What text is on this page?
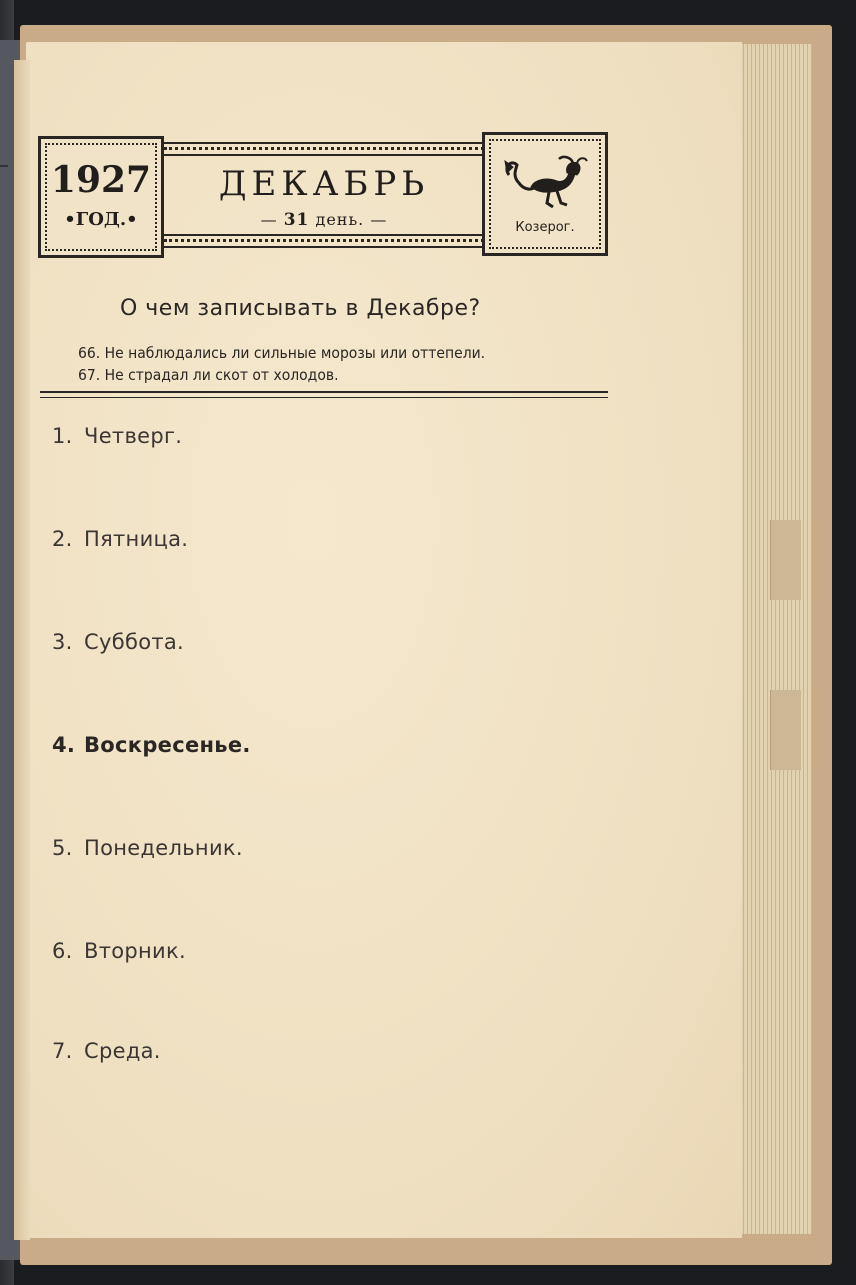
1927
•ГОД.•
ДЕКАБРЬ
— 31 день. —	Козерог.
О чем записывать в Декабре?
66. Не наблюдались ли сильные морозы или оттепели.
67. Не страдал ли скот от холодов.
1. Четверг.
2. Пятница.
3. Суббота.
4. Воскресенье.
5. Понедельник.
6. Вторник.
7. Среда.
